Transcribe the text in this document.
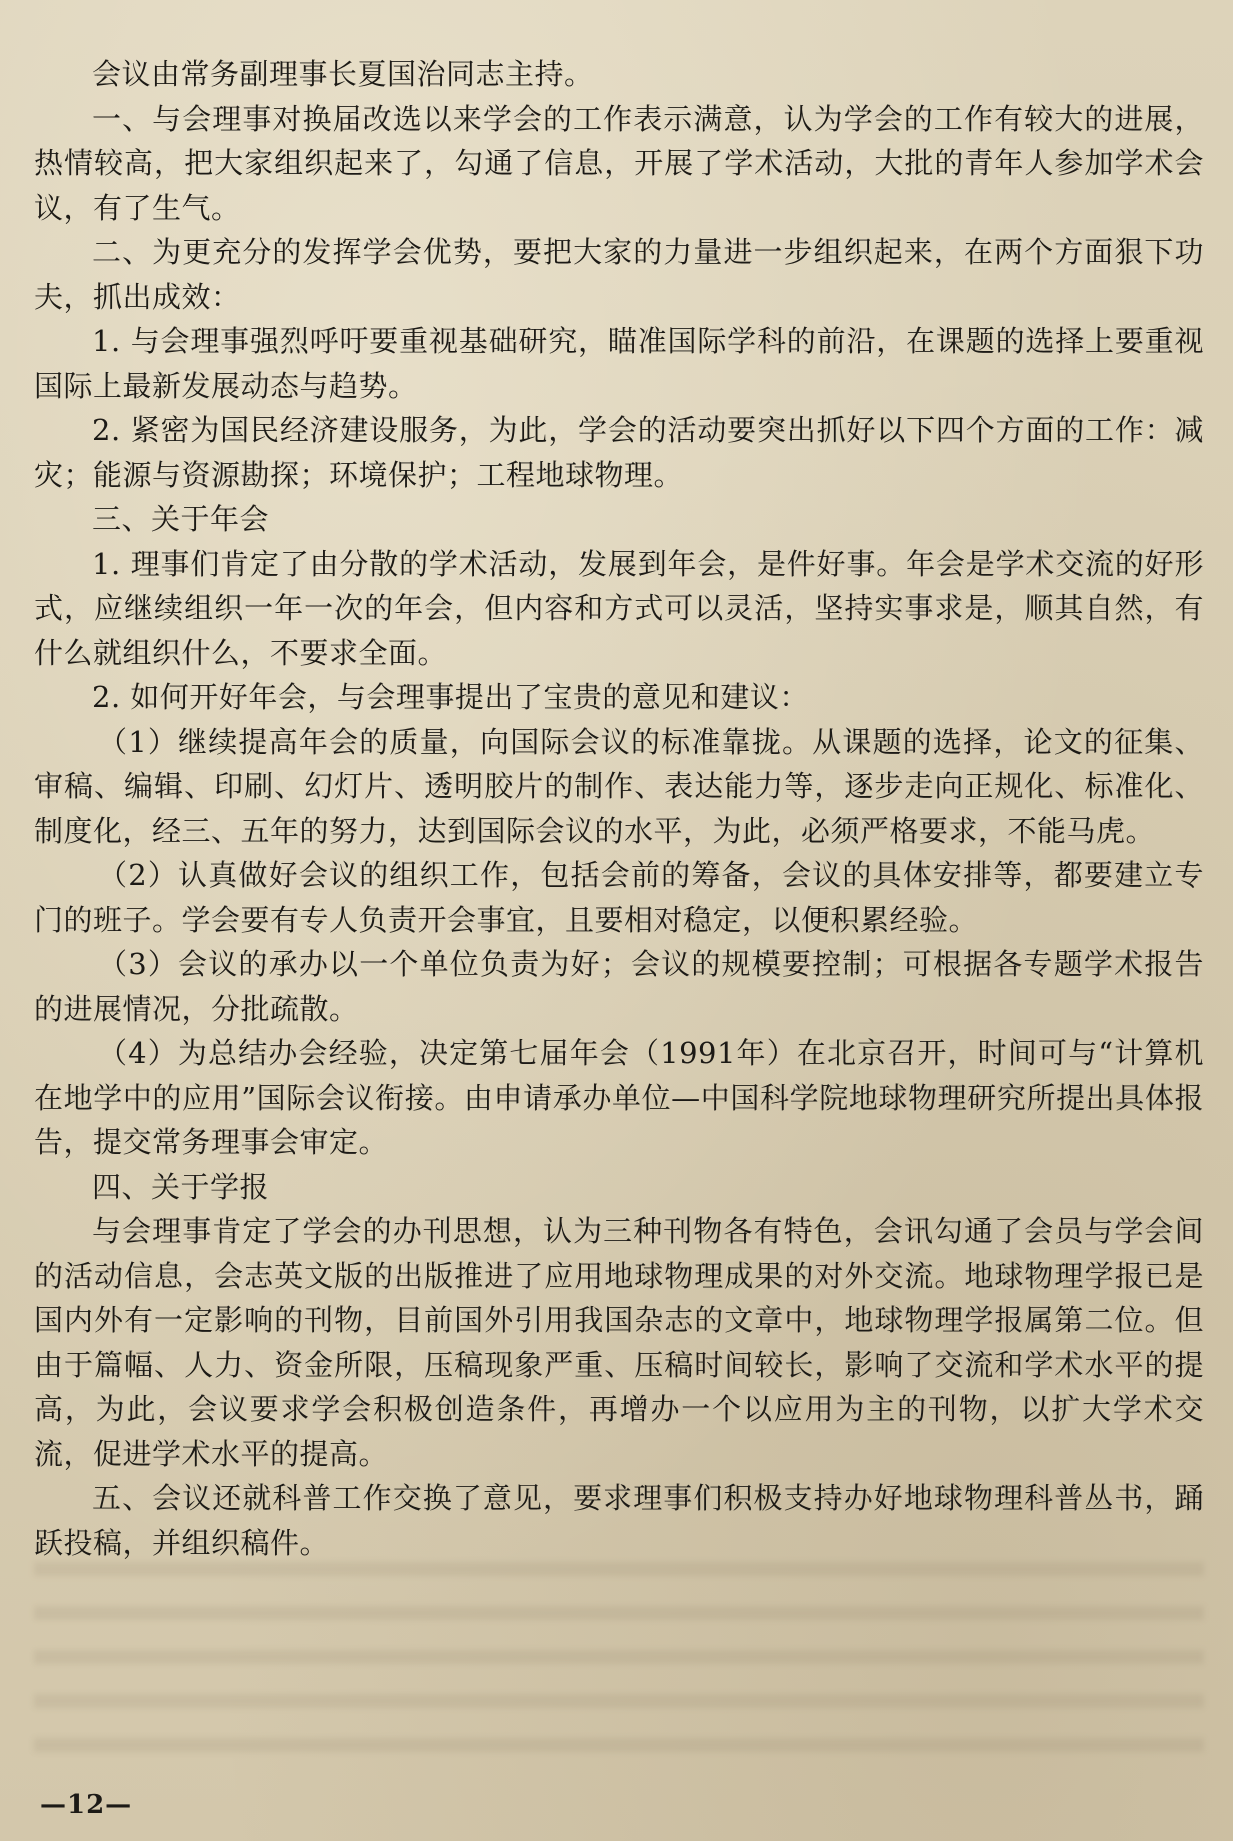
会议由常务副理事长夏国治同志主持。

一、与会理事对换届改选以来学会的工作表示满意，认为学会的工作有较大的进展，热情较高，把大家组织起来了，勾通了信息，开展了学术活动，大批的青年人参加学术会议，有了生气。

二、为更充分的发挥学会优势，要把大家的力量进一步组织起来，在两个方面狠下功夫，抓出成效：

1. 与会理事强烈呼吁要重视基础研究，瞄准国际学科的前沿，在课题的选择上要重视国际上最新发展动态与趋势。

2. 紧密为国民经济建设服务，为此，学会的活动要突出抓好以下四个方面的工作：减灾；能源与资源勘探；环境保护；工程地球物理。

三、关于年会

1. 理事们肯定了由分散的学术活动，发展到年会，是件好事。年会是学术交流的好形式，应继续组织一年一次的年会，但内容和方式可以灵活，坚持实事求是，顺其自然，有什么就组织什么，不要求全面。

2. 如何开好年会，与会理事提出了宝贵的意见和建议：

（1）继续提高年会的质量，向国际会议的标准靠拢。从课题的选择，论文的征集、审稿、编辑、印刷、幻灯片、透明胶片的制作、表达能力等，逐步走向正规化、标准化、制度化，经三、五年的努力，达到国际会议的水平，为此，必须严格要求，不能马虎。

（2）认真做好会议的组织工作，包括会前的筹备，会议的具体安排等，都要建立专门的班子。学会要有专人负责开会事宜，且要相对稳定，以便积累经验。

（3）会议的承办以一个单位负责为好；会议的规模要控制；可根据各专题学术报告的进展情况，分批疏散。

（4）为总结办会经验，决定第七届年会（1991年）在北京召开，时间可与“计算机在地学中的应用”国际会议衔接。由申请承办单位—中国科学院地球物理研究所提出具体报告，提交常务理事会审定。

四、关于学报

与会理事肯定了学会的办刊思想，认为三种刊物各有特色，会讯勾通了会员与学会间的活动信息，会志英文版的出版推进了应用地球物理成果的对外交流。地球物理学报已是国内外有一定影响的刊物，目前国外引用我国杂志的文章中，地球物理学报属第二位。但由于篇幅、人力、资金所限，压稿现象严重、压稿时间较长，影响了交流和学术水平的提高，为此，会议要求学会积极创造条件，再增办一个以应用为主的刊物，以扩大学术交流，促进学术水平的提高。

五、会议还就科普工作交换了意见，要求理事们积极支持办好地球物理科普丛书，踊跃投稿，并组织稿件。

—12—
